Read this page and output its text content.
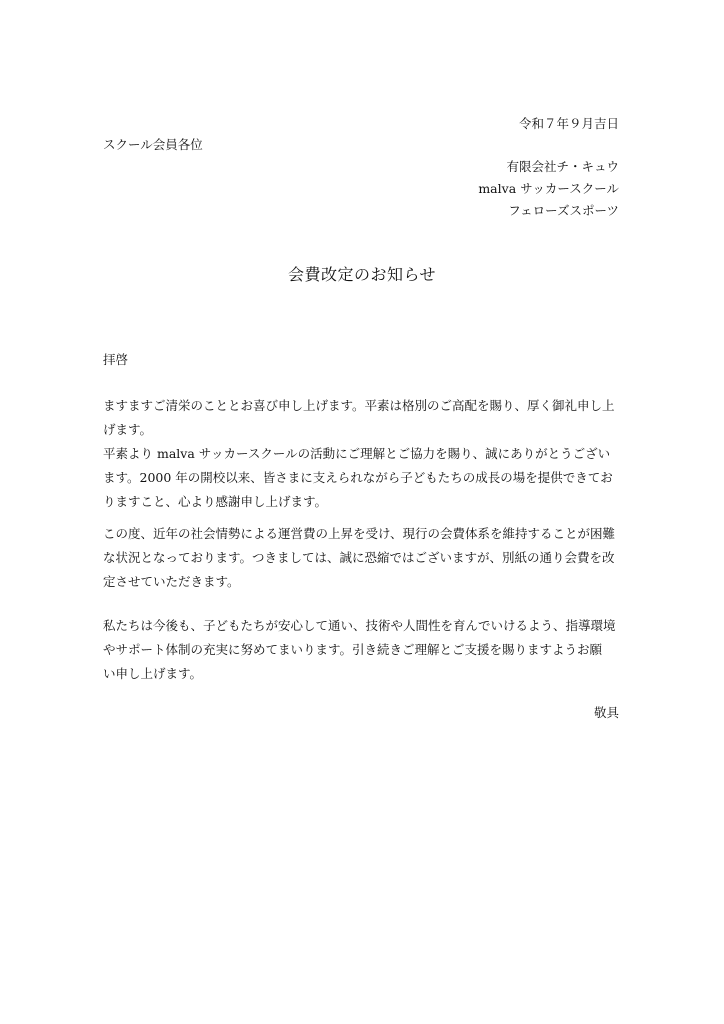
令和７年９月吉日
スクール会員各位
有限会社チ・キュウ
malva サッカースクール
フェローズスポーツ
会費改定のお知らせ
拝啓
ますますご清栄のこととお喜び申し上げます。平素は格別のご高配を賜り、厚く御礼申し上
げます。
平素より malva サッカースクールの活動にご理解とご協力を賜り、誠にありがとうござい
ます。2000 年の開校以来、皆さまに支えられながら子どもたちの成長の場を提供できてお
りますこと、心より感謝申し上げます。
この度、近年の社会情勢による運営費の上昇を受け、現行の会費体系を維持することが困難
な状況となっております。つきましては、誠に恐縮ではございますが、別紙の通り会費を改
定させていただきます。
私たちは今後も、子どもたちが安心して通い、技術や人間性を育んでいけるよう、指導環境
やサポート体制の充実に努めてまいります。引き続きご理解とご支援を賜りますようお願
い申し上げます。
敬具
